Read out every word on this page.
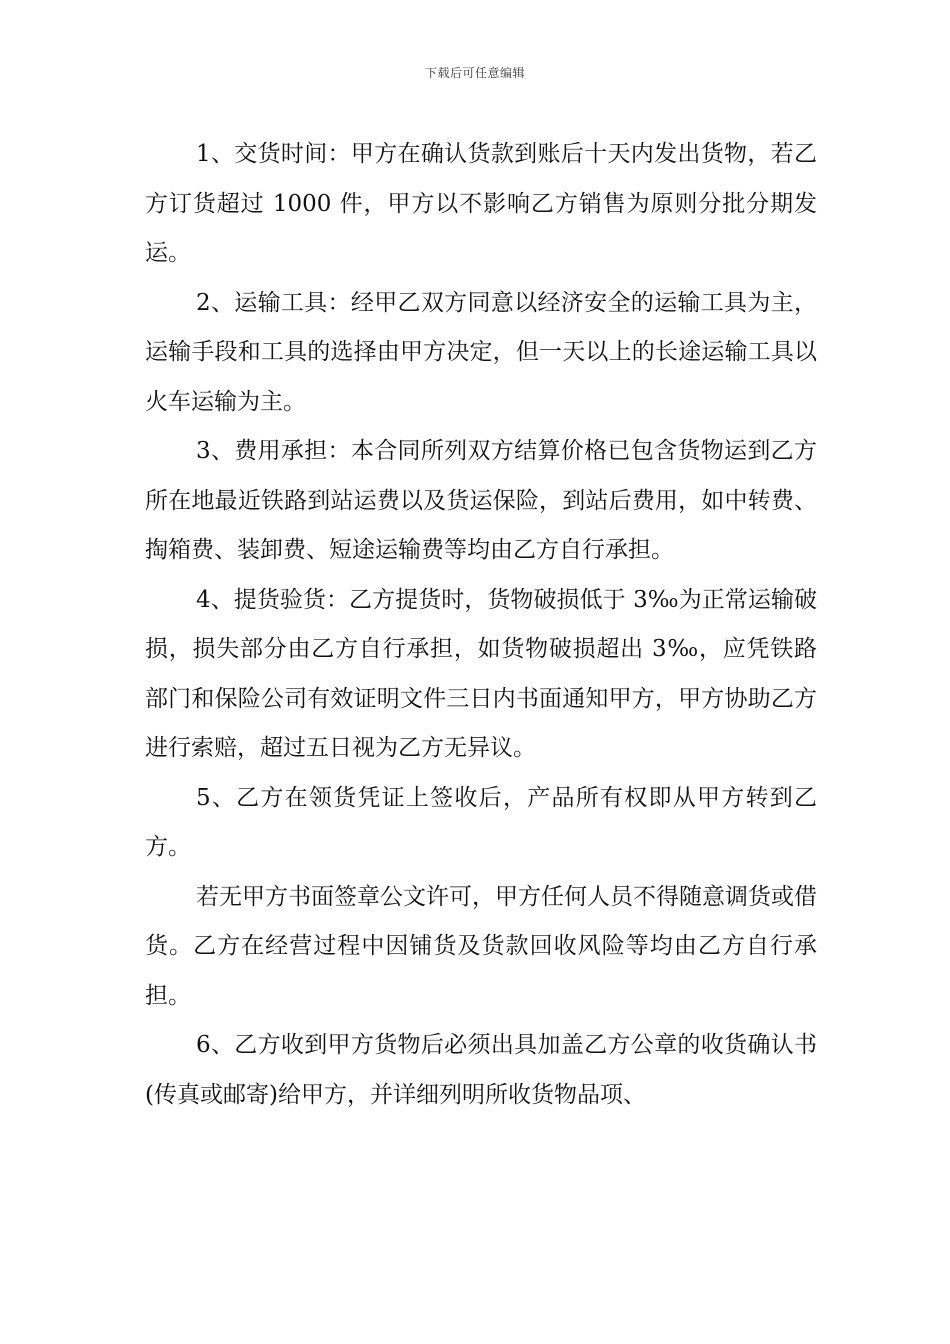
下载后可任意编辑

1、交货时间：甲方在确认货款到账后十天内发出货物，若乙方订货超过 1000 件，甲方以不影响乙方销售为原则分批分期发运。

2、运输工具：经甲乙双方同意以经济安全的运输工具为主，运输手段和工具的选择由甲方决定，但一天以上的长途运输工具以火车运输为主。

3、费用承担：本合同所列双方结算价格已包含货物运到乙方所在地最近铁路到站运费以及货运保险，到站后费用，如中转费、掏箱费、装卸费、短途运输费等均由乙方自行承担。

4、提货验货：乙方提货时，货物破损低于 3‰为正常运输破损，损失部分由乙方自行承担，如货物破损超出 3‰，应凭铁路部门和保险公司有效证明文件三日内书面通知甲方，甲方协助乙方进行索赔，超过五日视为乙方无异议。

5、乙方在领货凭证上签收后，产品所有权即从甲方转到乙方。

若无甲方书面签章公文许可，甲方任何人员不得随意调货或借货。乙方在经营过程中因铺货及货款回收风险等均由乙方自行承担。

6、乙方收到甲方货物后必须出具加盖乙方公章的收货确认书(传真或邮寄)给甲方，并详细列明所收货物品项、
